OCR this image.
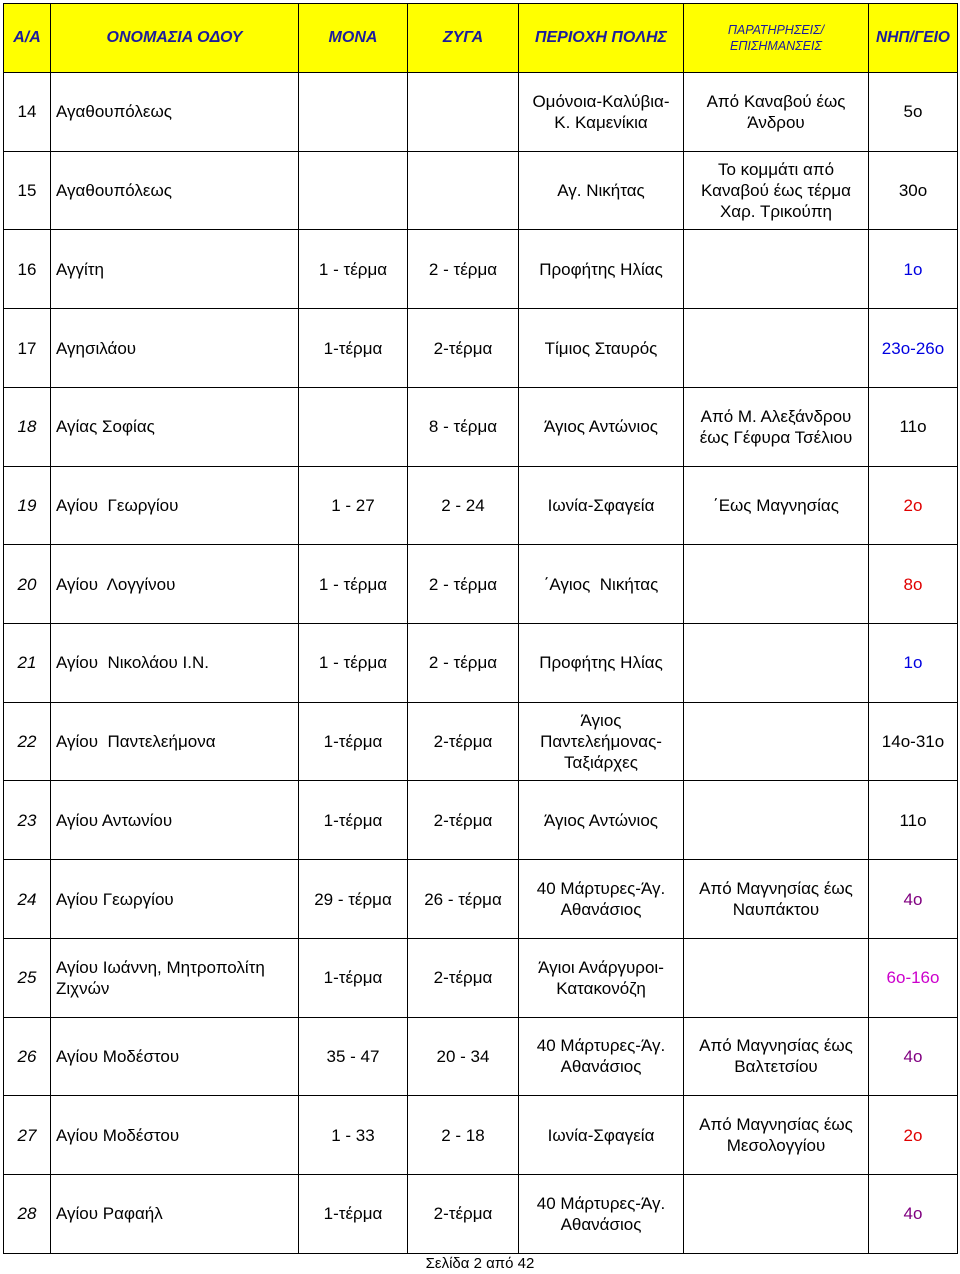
Α/Α	ΟΝΟΜΑΣΙΑ ΟΔΟΥ	ΜΟΝΑ	ΖΥΓΑ	ΠΕΡΙΟΧΗ ΠΟΛΗΣ	ΠΑΡΑΤΗΡΗΣΕΙΣ/
ΕΠΙΣΗΜΑΝΣΕΙΣ	ΝΗΠ/ΓΕΙΟ
14	Αγαθουπόλεως			Ομόνοια-Καλύβια-
Κ. Καμενίκια	Από Καναβού έως
Άνδρου	5ο
15	Αγαθουπόλεως			Αγ. Νικήτας	Το κομμάτι από
Καναβού έως τέρμα
Χαρ. Τρικούπη	30ο
16	Αγγίτη	1 - τέρμα	2 - τέρμα	Προφήτης Ηλίας		1ο
17	Αγησιλάου	1-τέρμα	2-τέρμα	Τίμιος Σταυρός		23ο-26ο
18	Αγίας Σοφίας		8 - τέρμα	Άγιος Αντώνιος	Από Μ. Αλεξάνδρου
έως Γέφυρα Τσέλιου	11ο
19	Αγίου  Γεωργίου	1 - 27	2 - 24	Ιωνία-Σφαγεία	΄Εως Μαγνησίας	2ο
20	Αγίου  Λογγίνου	1 - τέρμα	2 - τέρμα	΄Αγιος  Νικήτας		8ο
21	Αγίου  Νικολάου Ι.Ν.	1 - τέρμα	2 - τέρμα	Προφήτης Ηλίας		1ο
22	Αγίου  Παντελεήμονα	1-τέρμα	2-τέρμα	Άγιος
Παντελεήμονας-
Ταξιάρχες		14ο-31ο
23	Αγίου Αντωνίου	1-τέρμα	2-τέρμα	Άγιος Αντώνιος		11ο
24	Αγίου Γεωργίου	29 - τέρμα	26 - τέρμα	40 Μάρτυρες-Άγ.
Αθανάσιος	Από Μαγνησίας έως
Ναυπάκτου	4ο
25	Αγίου Ιωάννη, Μητροπολίτη
Ζιχνών	1-τέρμα	2-τέρμα	Άγιοι Ανάργυροι-
Κατακονόζη		6ο-16ο
26	Αγίου Μοδέστου	35 - 47	20 - 34	40 Μάρτυρες-Άγ.
Αθανάσιος	Από Μαγνησίας έως
Βαλτετσίου	4ο
27	Αγίου Μοδέστου	1 - 33	2 - 18	Ιωνία-Σφαγεία	Από Μαγνησίας έως
Μεσολογγίου	2ο
28	Αγίου Ραφαήλ	1-τέρμα	2-τέρμα	40 Μάρτυρες-Άγ.
Αθανάσιος		4ο
Σελίδα 2 από 42
